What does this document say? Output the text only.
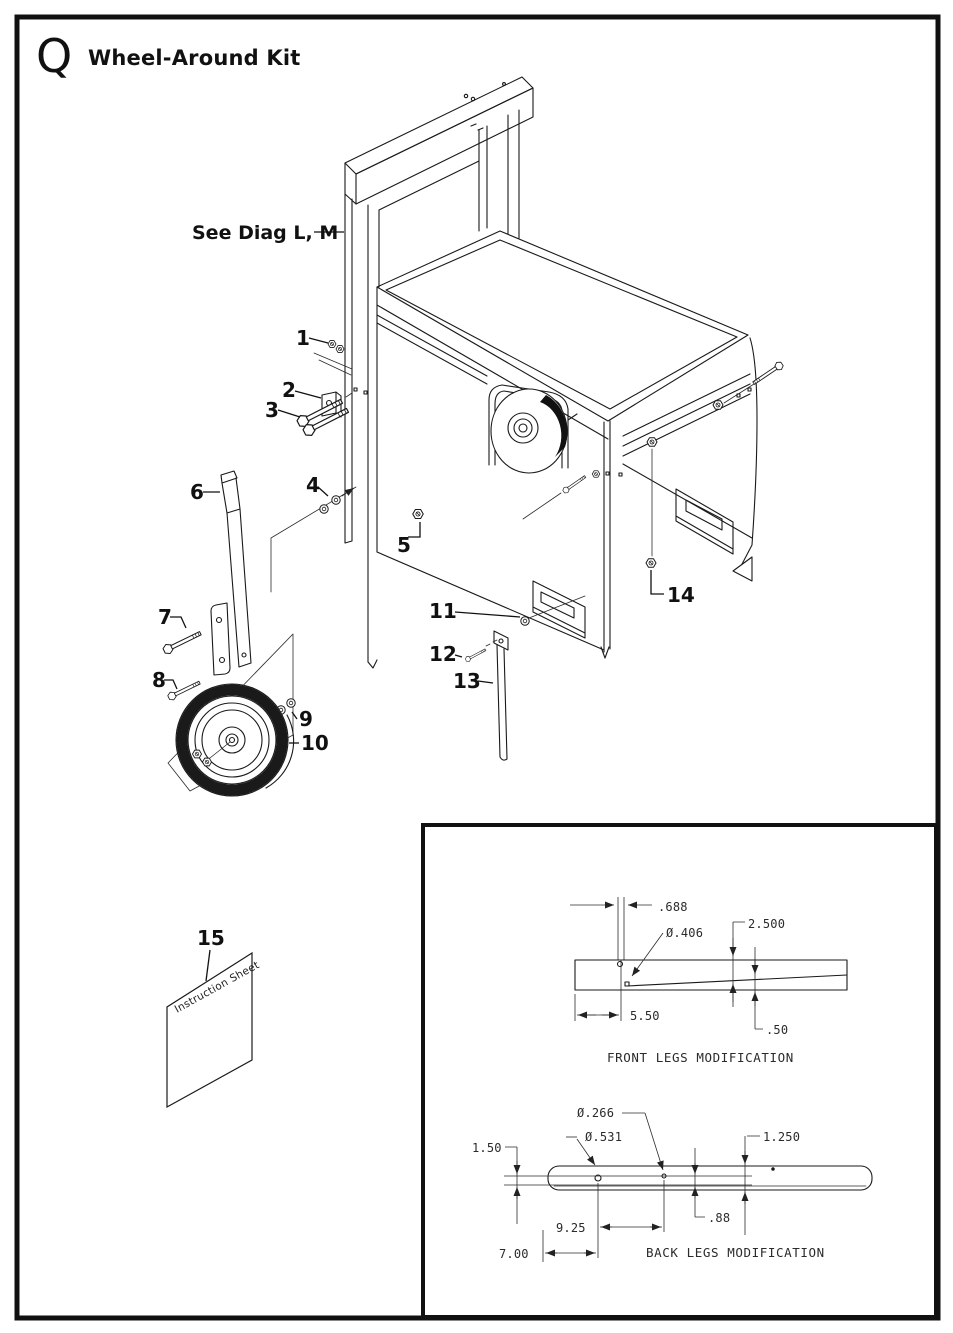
Q Wheel-Around Kit
Instruction Sheet
1
2
3
4
5
6
7
8
9
10
11
12
13
14
15
See Diag L, M
.688
Ø.406
2.500
.50
5.50
FRONT LEGS MODIFICATION
Ø.266
Ø.531
1.50
1.250
9.25
.88
7.00	BACK LEGS MODIFICATION
